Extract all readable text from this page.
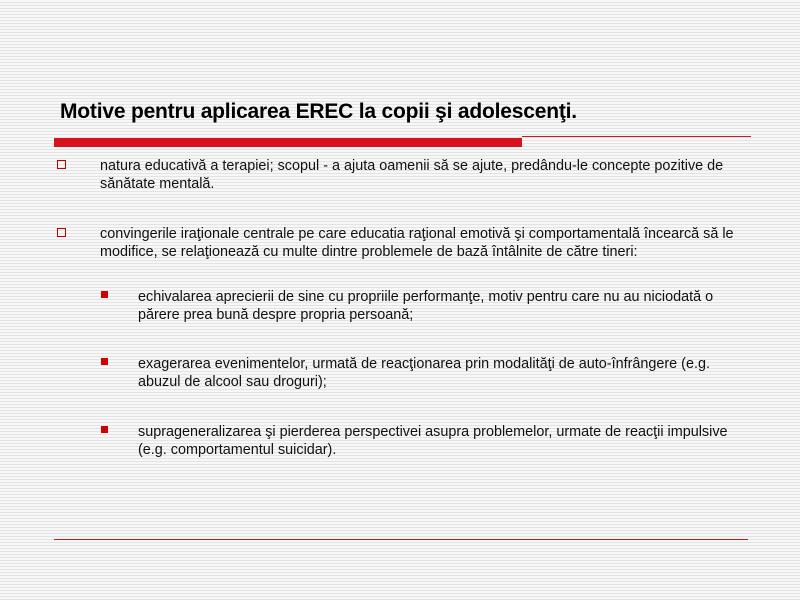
Motive pentru aplicarea EREC la copii şi adolescenţi.
natura educativă a terapiei; scopul - a ajuta oamenii să se ajute, predându-le concepte pozitive de sănătate mentală.
convingerile iraţionale centrale pe care educatia raţional emotivă şi comportamentală încearcă să le modifice, se relaţionează cu multe dintre problemele de bază întâlnite de către tineri:
echivalarea aprecierii de sine cu propriile performanţe, motiv pentru care nu au niciodată o părere prea bună despre propria persoană;
exagerarea evenimentelor, urmată de reacţionarea prin modalităţi de auto-înfrângere (e.g. abuzul de alcool sau droguri);
suprageneralizarea şi pierderea perspectivei asupra problemelor, urmate de reacţii impulsive (e.g. comportamentul suicidar).
